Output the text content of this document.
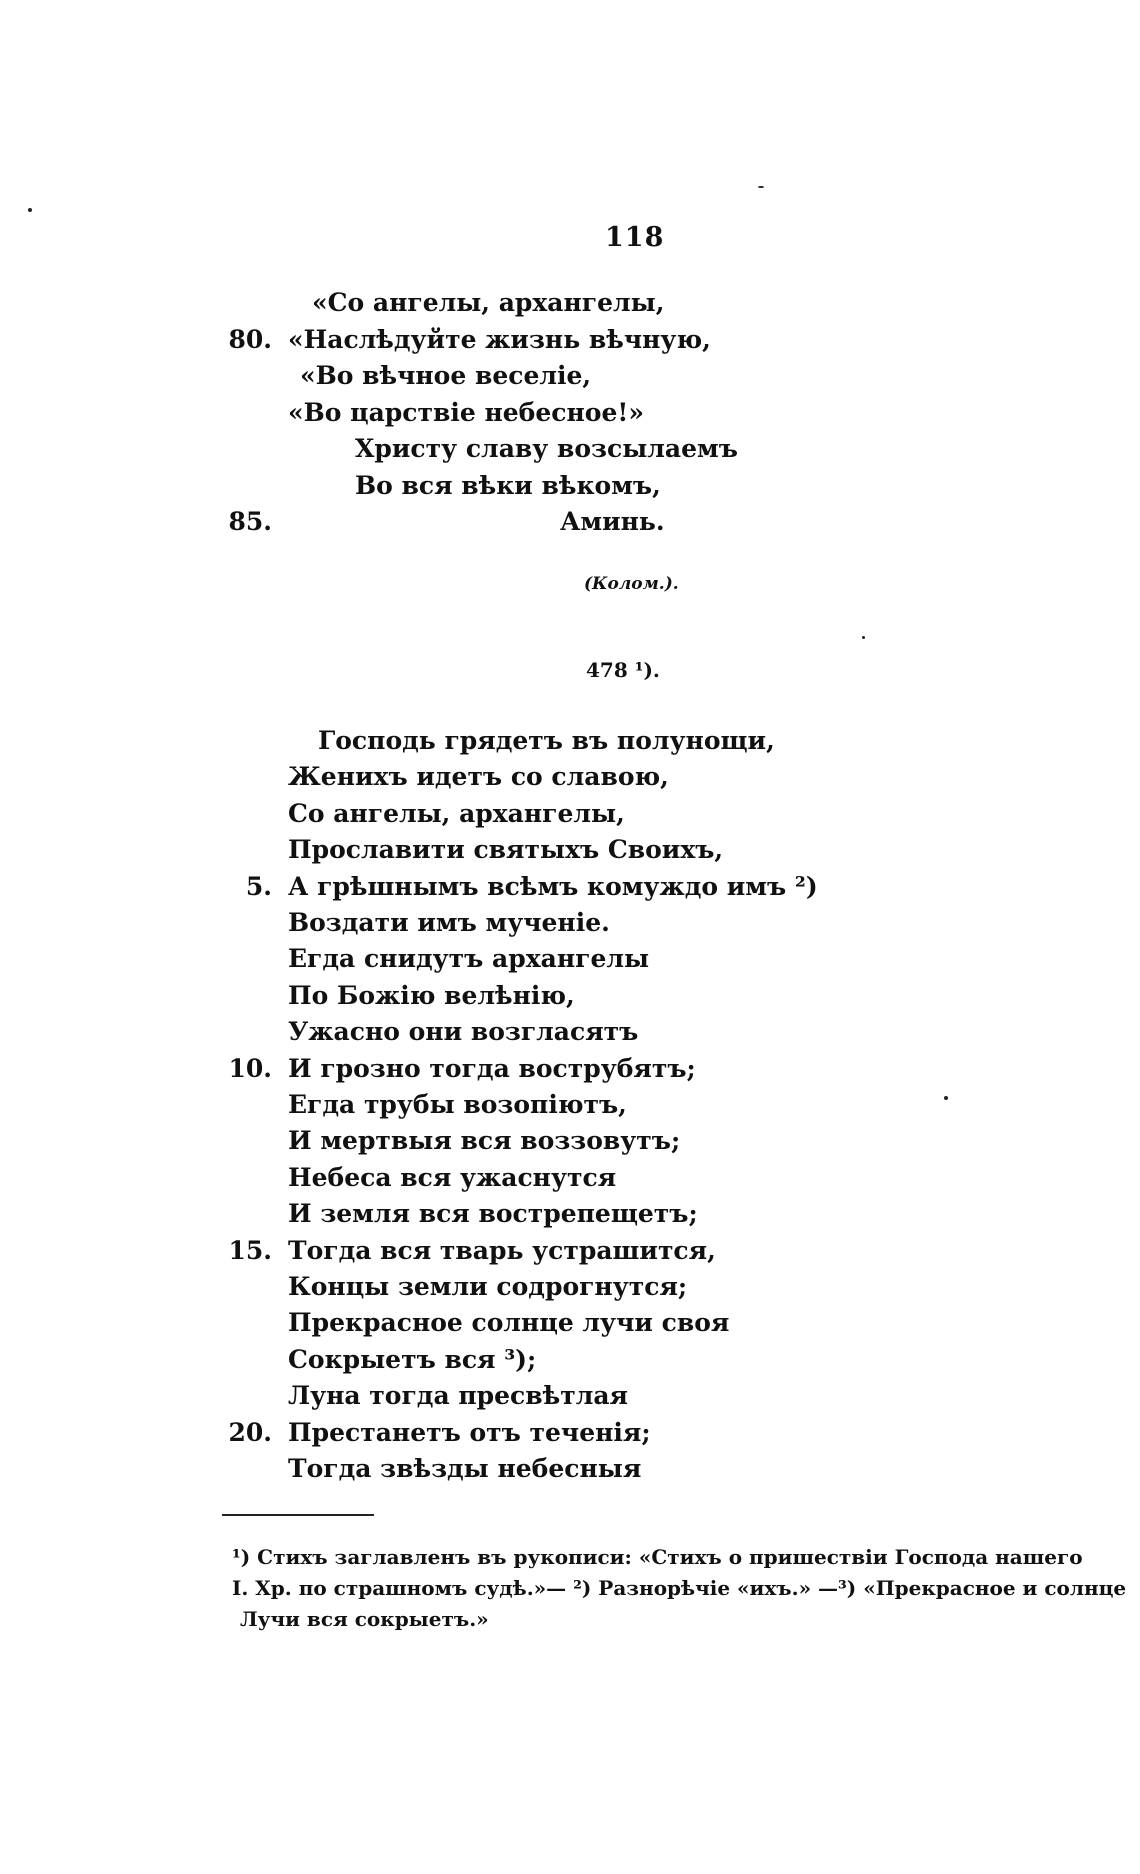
118
«Со ангелы, архангелы,
80. «Наслѣдуйте жизнь вѣчную,
«Во вѣчное веселіе,
«Во царствіе небесное!»
Христу славу возсылаемъ
Во вся вѣки вѣкомъ,
85.	Аминь.
(Колом.).
478 ¹).
Господь грядетъ въ полунощи,
Женихъ идетъ со славою,
Со ангелы, архангелы,
Прославити святыхъ Своихъ,
5. А грѣшнымъ всѣмъ комуждо имъ ²)
Воздати имъ мученіе.
Егда снидутъ архангелы
По Божію велѣнію,
Ужасно они возгласятъ
10. И грозно тогда вострубятъ;
Егда трубы возопіютъ,
И мертвыя вся воззовутъ;
Небеса вся ужаснутся
И земля вся вострепещетъ;
15. Тогда вся тварь устрашится,
Концы земли содрогнутся;
Прекрасное солнце лучи своя
Сокрыетъ вся ³);
Луна тогда пресвѣтлая
20. Престанетъ отъ теченія;
Тогда звѣзды небесныя
¹) Стихъ заглавленъ въ рукописи: «Стихъ о пришествіи Господа нашего
І. Хр. по страшномъ судѣ.»— ²) Разнорѣчіе «ихъ.» —³) «Прекрасное и солнце
Лучи вся сокрыетъ.»
